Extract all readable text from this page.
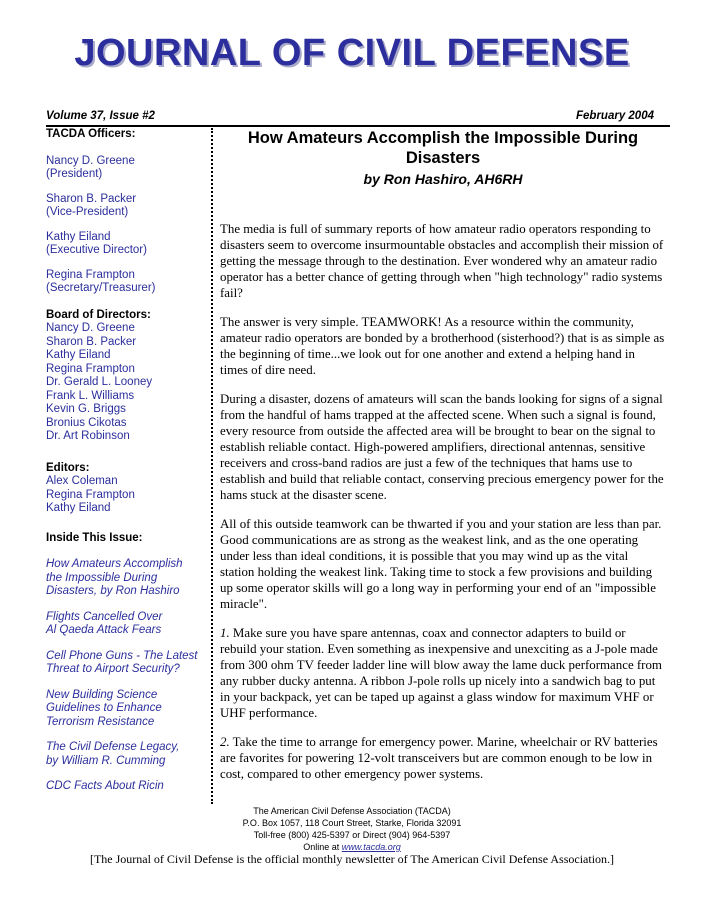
JOURNAL OF CIVIL DEFENSE
Volume 37, Issue #2	February 2004
TACDA Officers:
Nancy D. Greene
(President)
Sharon B. Packer
(Vice-President)
Kathy Eiland
(Executive Director)
Regina Frampton
(Secretary/Treasurer)
Board of Directors:
Nancy D. Greene
Sharon B. Packer
Kathy Eiland
Regina Frampton
Dr. Gerald L. Looney
Frank L. Williams
Kevin G. Briggs
Bronius Cikotas
Dr. Art Robinson
Editors:
Alex Coleman
Regina Frampton
Kathy Eiland
Inside This Issue:
How Amateurs Accomplish
the Impossible During
Disasters, by Ron Hashiro
Flights Cancelled Over
Al Qaeda Attack Fears
Cell Phone Guns - The Latest
Threat to Airport Security?
New Building Science
Guidelines to Enhance
Terrorism Resistance
The Civil Defense Legacy,
by William R. Cumming
CDC Facts About Ricin
How Amateurs Accomplish the Impossible During
Disasters
by Ron Hashiro, AH6RH

The media is full of summary reports of how amateur radio operators responding to disasters seem to overcome insurmountable obstacles and accomplish their mission of getting the message through to the destination. Ever wondered why an amateur radio operator has a better chance of getting through when "high technology" radio systems fail?

The answer is very simple. TEAMWORK! As a resource within the community, amateur radio operators are bonded by a brotherhood (sisterhood?) that is as simple as the beginning of time...we look out for one another and extend a helping hand in times of dire need.

During a disaster, dozens of amateurs will scan the bands looking for signs of a signal from the handful of hams trapped at the affected scene. When such a signal is found, every resource from outside the affected area will be brought to bear on the signal to establish reliable contact. High-powered amplifiers, directional antennas, sensitive receivers and cross-band radios are just a few of the techniques that hams use to establish and build that reliable contact, conserving precious emergency power for the hams stuck at the disaster scene.

All of this outside teamwork can be thwarted if you and your station are less than par. Good communications are as strong as the weakest link, and as the one operating under less than ideal conditions, it is possible that you may wind up as the vital station holding the weakest link. Taking time to stock a few provisions and building up some operator skills will go a long way in performing your end of an "impossible miracle".

1. Make sure you have spare antennas, coax and connector adapters to build or rebuild your station. Even something as inexpensive and unexciting as a J-pole made from 300 ohm TV feeder ladder line will blow away the lame duck performance from any rubber ducky antenna. A ribbon J-pole rolls up nicely into a sandwich bag to put in your backpack, yet can be taped up against a glass window for maximum VHF or UHF performance.

2. Take the time to arrange for emergency power. Marine, wheelchair or RV batteries are favorites for powering 12-volt transceivers but are common enough to be low in cost, compared to other emergency power systems.

The American Civil Defense Association (TACDA)
P.O. Box 1057, 118 Court Street, Starke, Florida 32091
Toll-free (800) 425-5397 or Direct (904) 964-5397
Online at www.tacda.org
[The Journal of Civil Defense is the official monthly newsletter of The American Civil Defense Association.]
